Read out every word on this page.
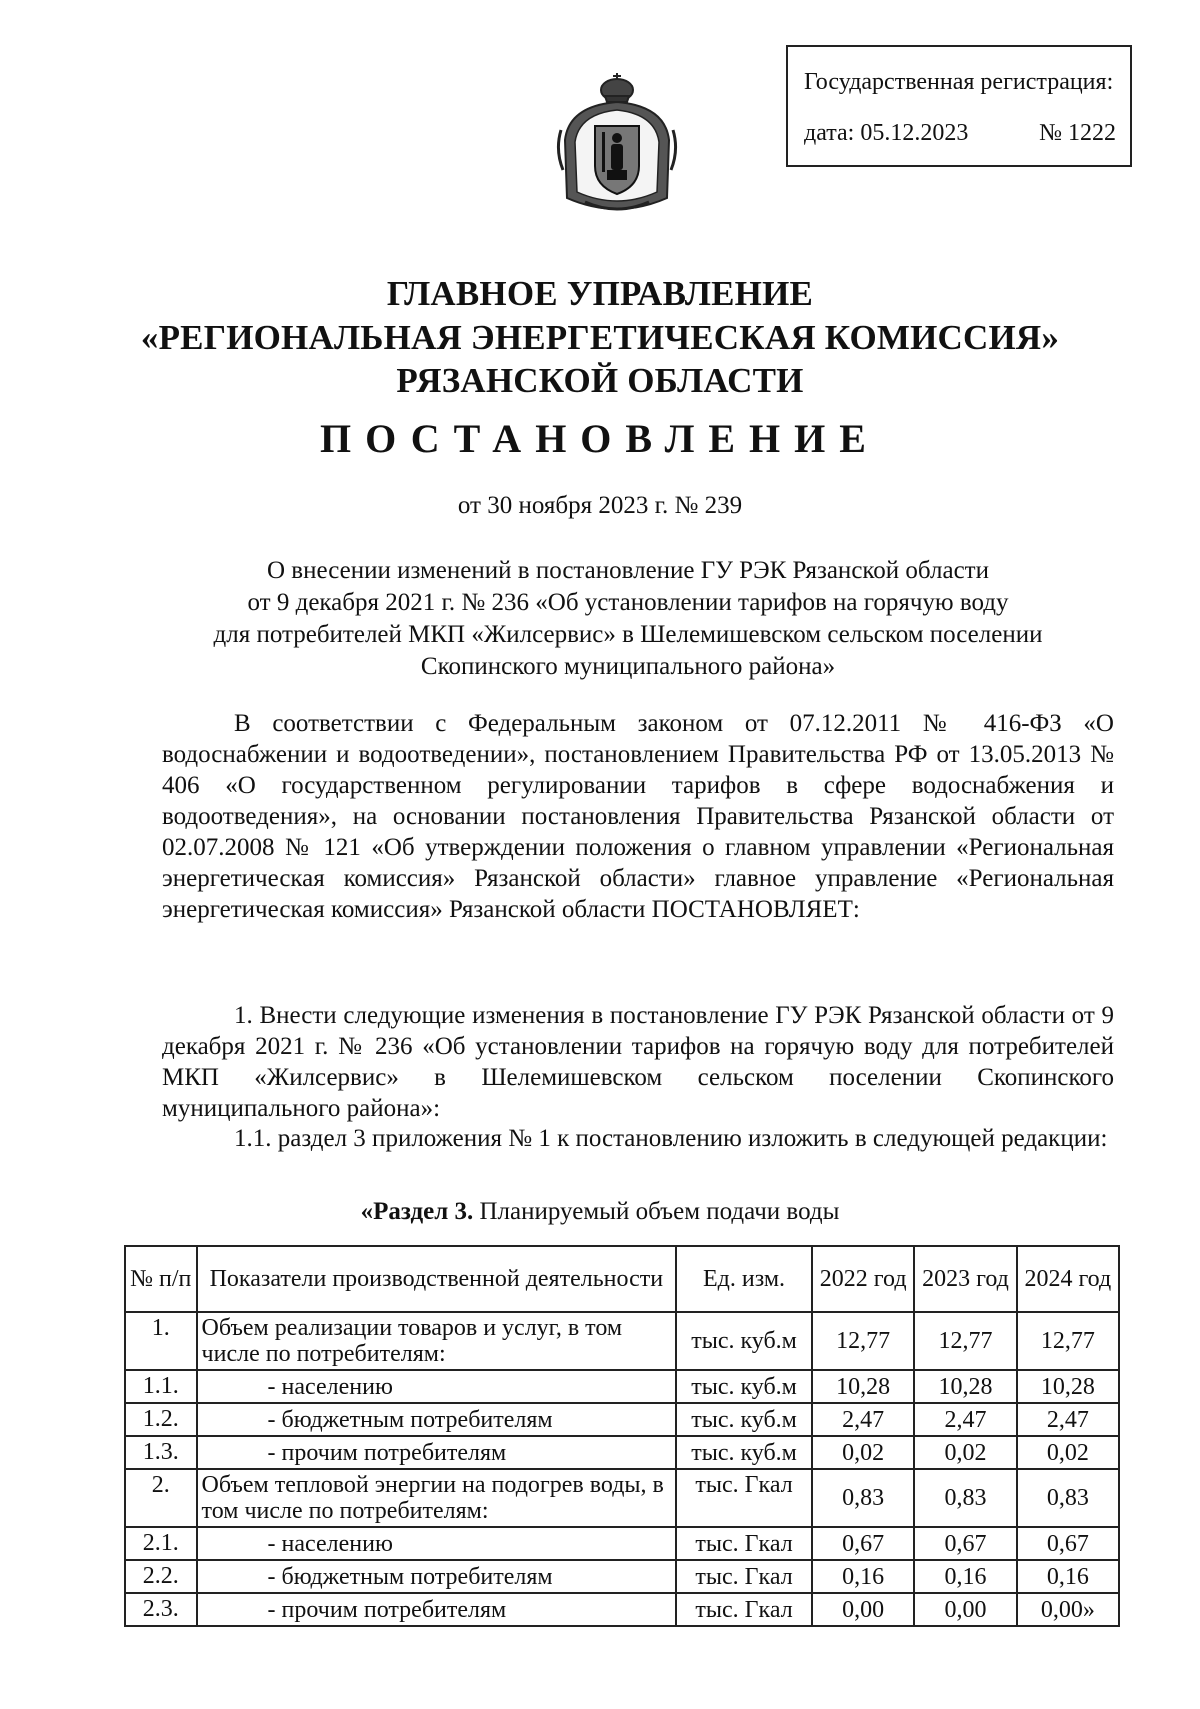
Государственная регистрация:
дата: 05.12.2023	№ 1222
ГЛАВНОЕ УПРАВЛЕНИЕ
«РЕГИОНАЛЬНАЯ ЭНЕРГЕТИЧЕСКАЯ КОМИССИЯ»
РЯЗАНСКОЙ ОБЛАСТИ
ПОСТАНОВЛЕНИЕ
от 30 ноября 2023 г. № 239
О внесении изменений в постановление ГУ РЭК Рязанской области
от 9 декабря 2021 г. № 236 «Об установлении тарифов на горячую воду
для потребителей МКП «Жилсервис» в Шелемишевском сельском поселении
Скопинского муниципального района»
В соответствии с Федеральным законом от 07.12.2011 № 416-ФЗ «О водоснабжении и водоотведении», постановлением Правительства РФ от 13.05.2013 № 406 «О государственном регулировании тарифов в сфере водоснабжения и водоотведения», на основании постановления Правительства Рязанской области от 02.07.2008 № 121 «Об утверждении положения о главном управлении «Региональная энергетическая комиссия» Рязанской области» главное управление «Региональная энергетическая комиссия» Рязанской области ПОСТАНОВЛЯЕТ:
1. Внести следующие изменения в постановление ГУ РЭК Рязанской области от 9 декабря 2021 г. № 236 «Об установлении тарифов на горячую воду для потребителей МКП «Жилсервис» в Шелемишевском сельском поселении Скопинского муниципального района»:
1.1. раздел 3 приложения № 1 к постановлению изложить в следующей редакции:
«Раздел 3. Планируемый объем подачи воды
№ п/п	Показатели производственной деятельности	Ед. изм.	2022 год	2023 год	2024 год
1.	Объем реализации товаров и услуг, в том числе по потребителям:	тыс. куб.м	12,77	12,77	12,77
1.1.	- населению	тыс. куб.м	10,28	10,28	10,28
1.2.	- бюджетным потребителям	тыс. куб.м	2,47	2,47	2,47
1.3.	- прочим потребителям	тыс. куб.м	0,02	0,02	0,02
2.	Объем тепловой энергии на подогрев воды, в том числе по потребителям:	тыс. Гкал	0,83	0,83	0,83
2.1.	- населению	тыс. Гкал	0,67	0,67	0,67
2.2.	- бюджетным потребителям	тыс. Гкал	0,16	0,16	0,16
2.3.	- прочим потребителям	тыс. Гкал	0,00	0,00	0,00»
